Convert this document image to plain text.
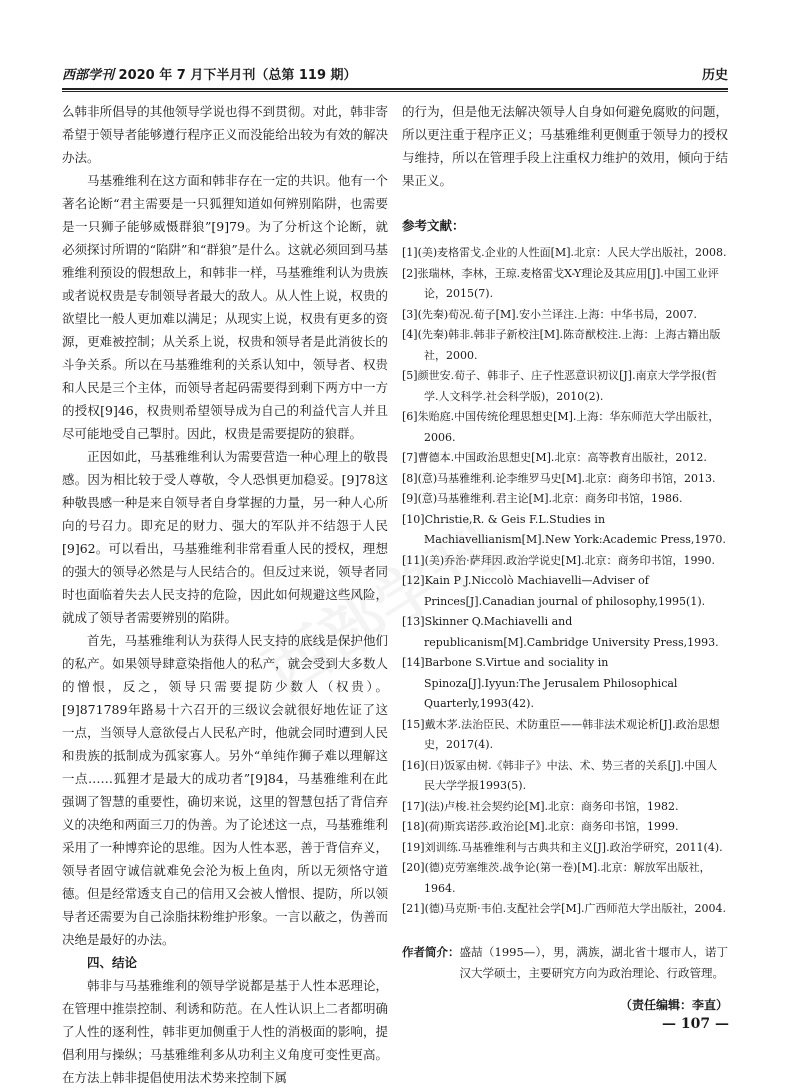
西部学刊 2020 年 7 月下半月刊（总第 119 期）	历史

么韩非所倡导的其他领导学说也得不到贯彻。对此，韩非寄希望于领导者能够遵行程序正义而没能给出较为有效的解决办法。

马基雅维利在这方面和韩非存在一定的共识。他有一个著名论断“君主需要是一只狐狸知道如何辨别陷阱，也需要是一只狮子能够威慑群狼”[9]79。为了分析这个论断，就必须探讨所谓的“陷阱”和“群狼”是什么。这就必须回到马基雅维利预设的假想敌上，和韩非一样，马基雅维利认为贵族或者说权贵是专制领导者最大的敌人。从人性上说，权贵的欲望比一般人更加难以满足；从现实上说，权贵有更多的资源，更难被控制；从关系上说，权贵和领导者是此消彼长的斗争关系。所以在马基雅维利的关系认知中，领导者、权贵和人民是三个主体，而领导者起码需要得到剩下两方中一方的授权[9]46，权贵则希望领导成为自己的利益代言人并且尽可能地受自己掣肘。因此，权贵是需要提防的狼群。

正因如此，马基雅维利认为需要营造一种心理上的敬畏感。因为相比较于受人尊敬，令人恐惧更加稳妥。[9]78这种敬畏感一种是来自领导者自身掌握的力量，另一种人心所向的号召力。即充足的财力、强大的军队并不结怨于人民[9]62。可以看出，马基雅维利非常看重人民的授权，理想的强大的领导必然是与人民结合的。但反过来说，领导者同时也面临着失去人民支持的危险，因此如何规避这些风险，就成了领导者需要辨别的陷阱。

首先，马基雅维利认为获得人民支持的底线是保护他们的私产。如果领导肆意染指他人的私产，就会受到大多数人的憎恨，反之，领导只需要提防少数人（权贵）。[9]871789年路易十六召开的三级议会就很好地佐证了这一点，当领导人意欲侵占人民私产时，他就会同时遭到人民和贵族的抵制成为孤家寡人。另外“单纯作狮子难以理解这一点……狐狸才是最大的成功者”[9]84，马基雅维利在此强调了智慧的重要性，确切来说，这里的智慧包括了背信弃义的决绝和两面三刀的伪善。为了论述这一点，马基雅维利采用了一种博弈论的思维。因为人性本恶，善于背信弃义，领导者固守诚信就难免会沦为板上鱼肉，所以无须恪守道德。但是经常透支自己的信用又会被人憎恨、提防，所以领导者还需要为自己涂脂抹粉维护形象。一言以蔽之，伪善而决绝是最好的办法。

四、结论

韩非与马基雅维利的领导学说都是基于人性本恶理论，在管理中推崇控制、利诱和防范。在人性认识上二者都明确了人性的逐利性，韩非更加侧重于人性的消极面的影响，提倡利用与操纵；马基雅维利多从功利主义角度可变性更高。在方法上韩非提倡使用法术势来控制下属

的行为，但是他无法解决领导人自身如何避免腐败的问题，所以更注重于程序正义；马基雅维利更侧重于领导力的授权与维持，所以在管理手段上注重权力维护的效用，倾向于结果正义。

参考文献：

[1](美)麦格雷戈.企业的人性面[M].北京：人民大学出版社，2008.
[2]张瑞林，李林，王琼.麦格雷戈X-Y理论及其应用[J].中国工业评论，2015(7).
[3](先秦)荀况.荀子[M].安小兰译注.上海：中华书局，2007.
[4](先秦)韩非.韩非子新校注[M].陈奇猷校注.上海：上海古籍出版社，2000.
[5]颜世安.荀子、韩非子、庄子性恶意识初议[J].南京大学学报(哲学.人文科学.社会科学版)，2010(2).
[6]朱贻庭.中国传统伦理思想史[M].上海：华东师范大学出版社，2006.
[7]曹德本.中国政治思想史[M].北京：高等教育出版社，2012.
[8](意)马基雅维利.论李维罗马史[M].北京：商务印书馆，2013.
[9](意)马基雅维利.君主论[M].北京：商务印书馆，1986.
[10]Christie,R. & Geis F.L.Studies in Machiavellianism[M].New York:Academic Press,1970.
[11](美)乔治·萨拜因.政治学说史[M].北京：商务印书馆，1990.
[12]Kain P J.Niccolò Machiavelli—Adviser of Princes[J].Canadian journal of philosophy,1995(1).
[13]Skinner Q.Machiavelli and republicanism[M].Cambridge University Press,1993.
[14]Barbone S.Virtue and sociality in Spinoza[J].Iyyun:The Jerusalem Philosophical Quarterly,1993(42).
[15]戴木茅.法治臣民、术防重臣——韩非法术观论析[J].政治思想史，2017(4).
[16](日)饭冢由树.《韩非子》中法、术、势三者的关系[J].中国人民大学学报1993(5).
[17](法)卢梭.社会契约论[M].北京：商务印书馆，1982.
[18](荷)斯宾诺莎.政治论[M].北京：商务印书馆，1999.
[19]刘训练.马基雅维利与古典共和主义[J].政治学研究，2011(4).
[20](德)克劳塞维茨.战争论(第一卷)[M].北京：解放军出版社，1964.
[21](德)马克斯·韦伯.支配社会学[M].广西师范大学出版社，2004.
作者简介： 盛喆（1995—），男，满族，湖北省十堰市人，诺丁汉大学硕士，主要研究方向为政治理论、行政管理。
（责任编辑：李直）
— 107 —
